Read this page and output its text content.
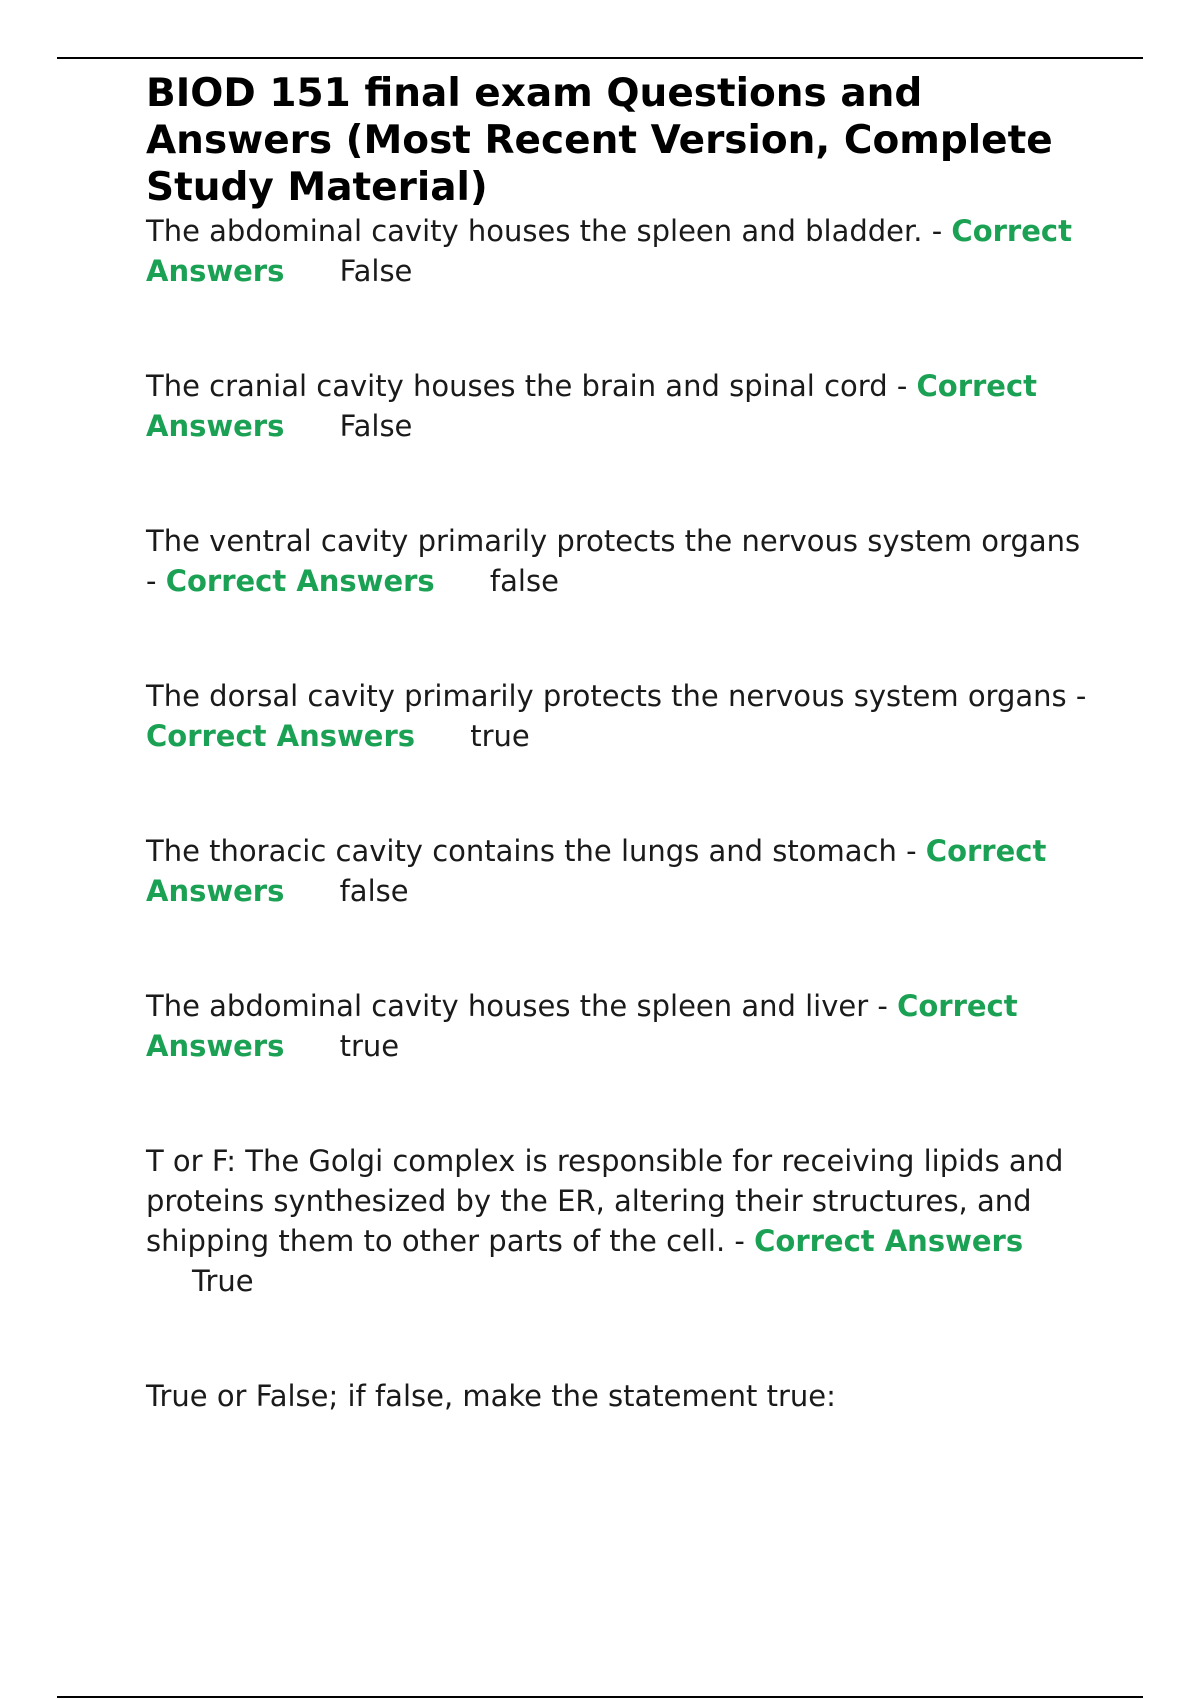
BIOD 151 final exam Questions and Answers (Most Recent Version, Complete Study Material)

The abdominal cavity houses the spleen and bladder. - Correct Answers False

The cranial cavity houses the brain and spinal cord - Correct Answers False

The ventral cavity primarily protects the nervous system organs - Correct Answers false

The dorsal cavity primarily protects the nervous system organs - Correct Answers true

The thoracic cavity contains the lungs and stomach - Correct Answers false

The abdominal cavity houses the spleen and liver - Correct Answers true

T or F: The Golgi complex is responsible for receiving lipids and proteins synthesized by the ER, altering their structures, and shipping them to other parts of the cell. - Correct Answers True

True or False; if false, make the statement true:
